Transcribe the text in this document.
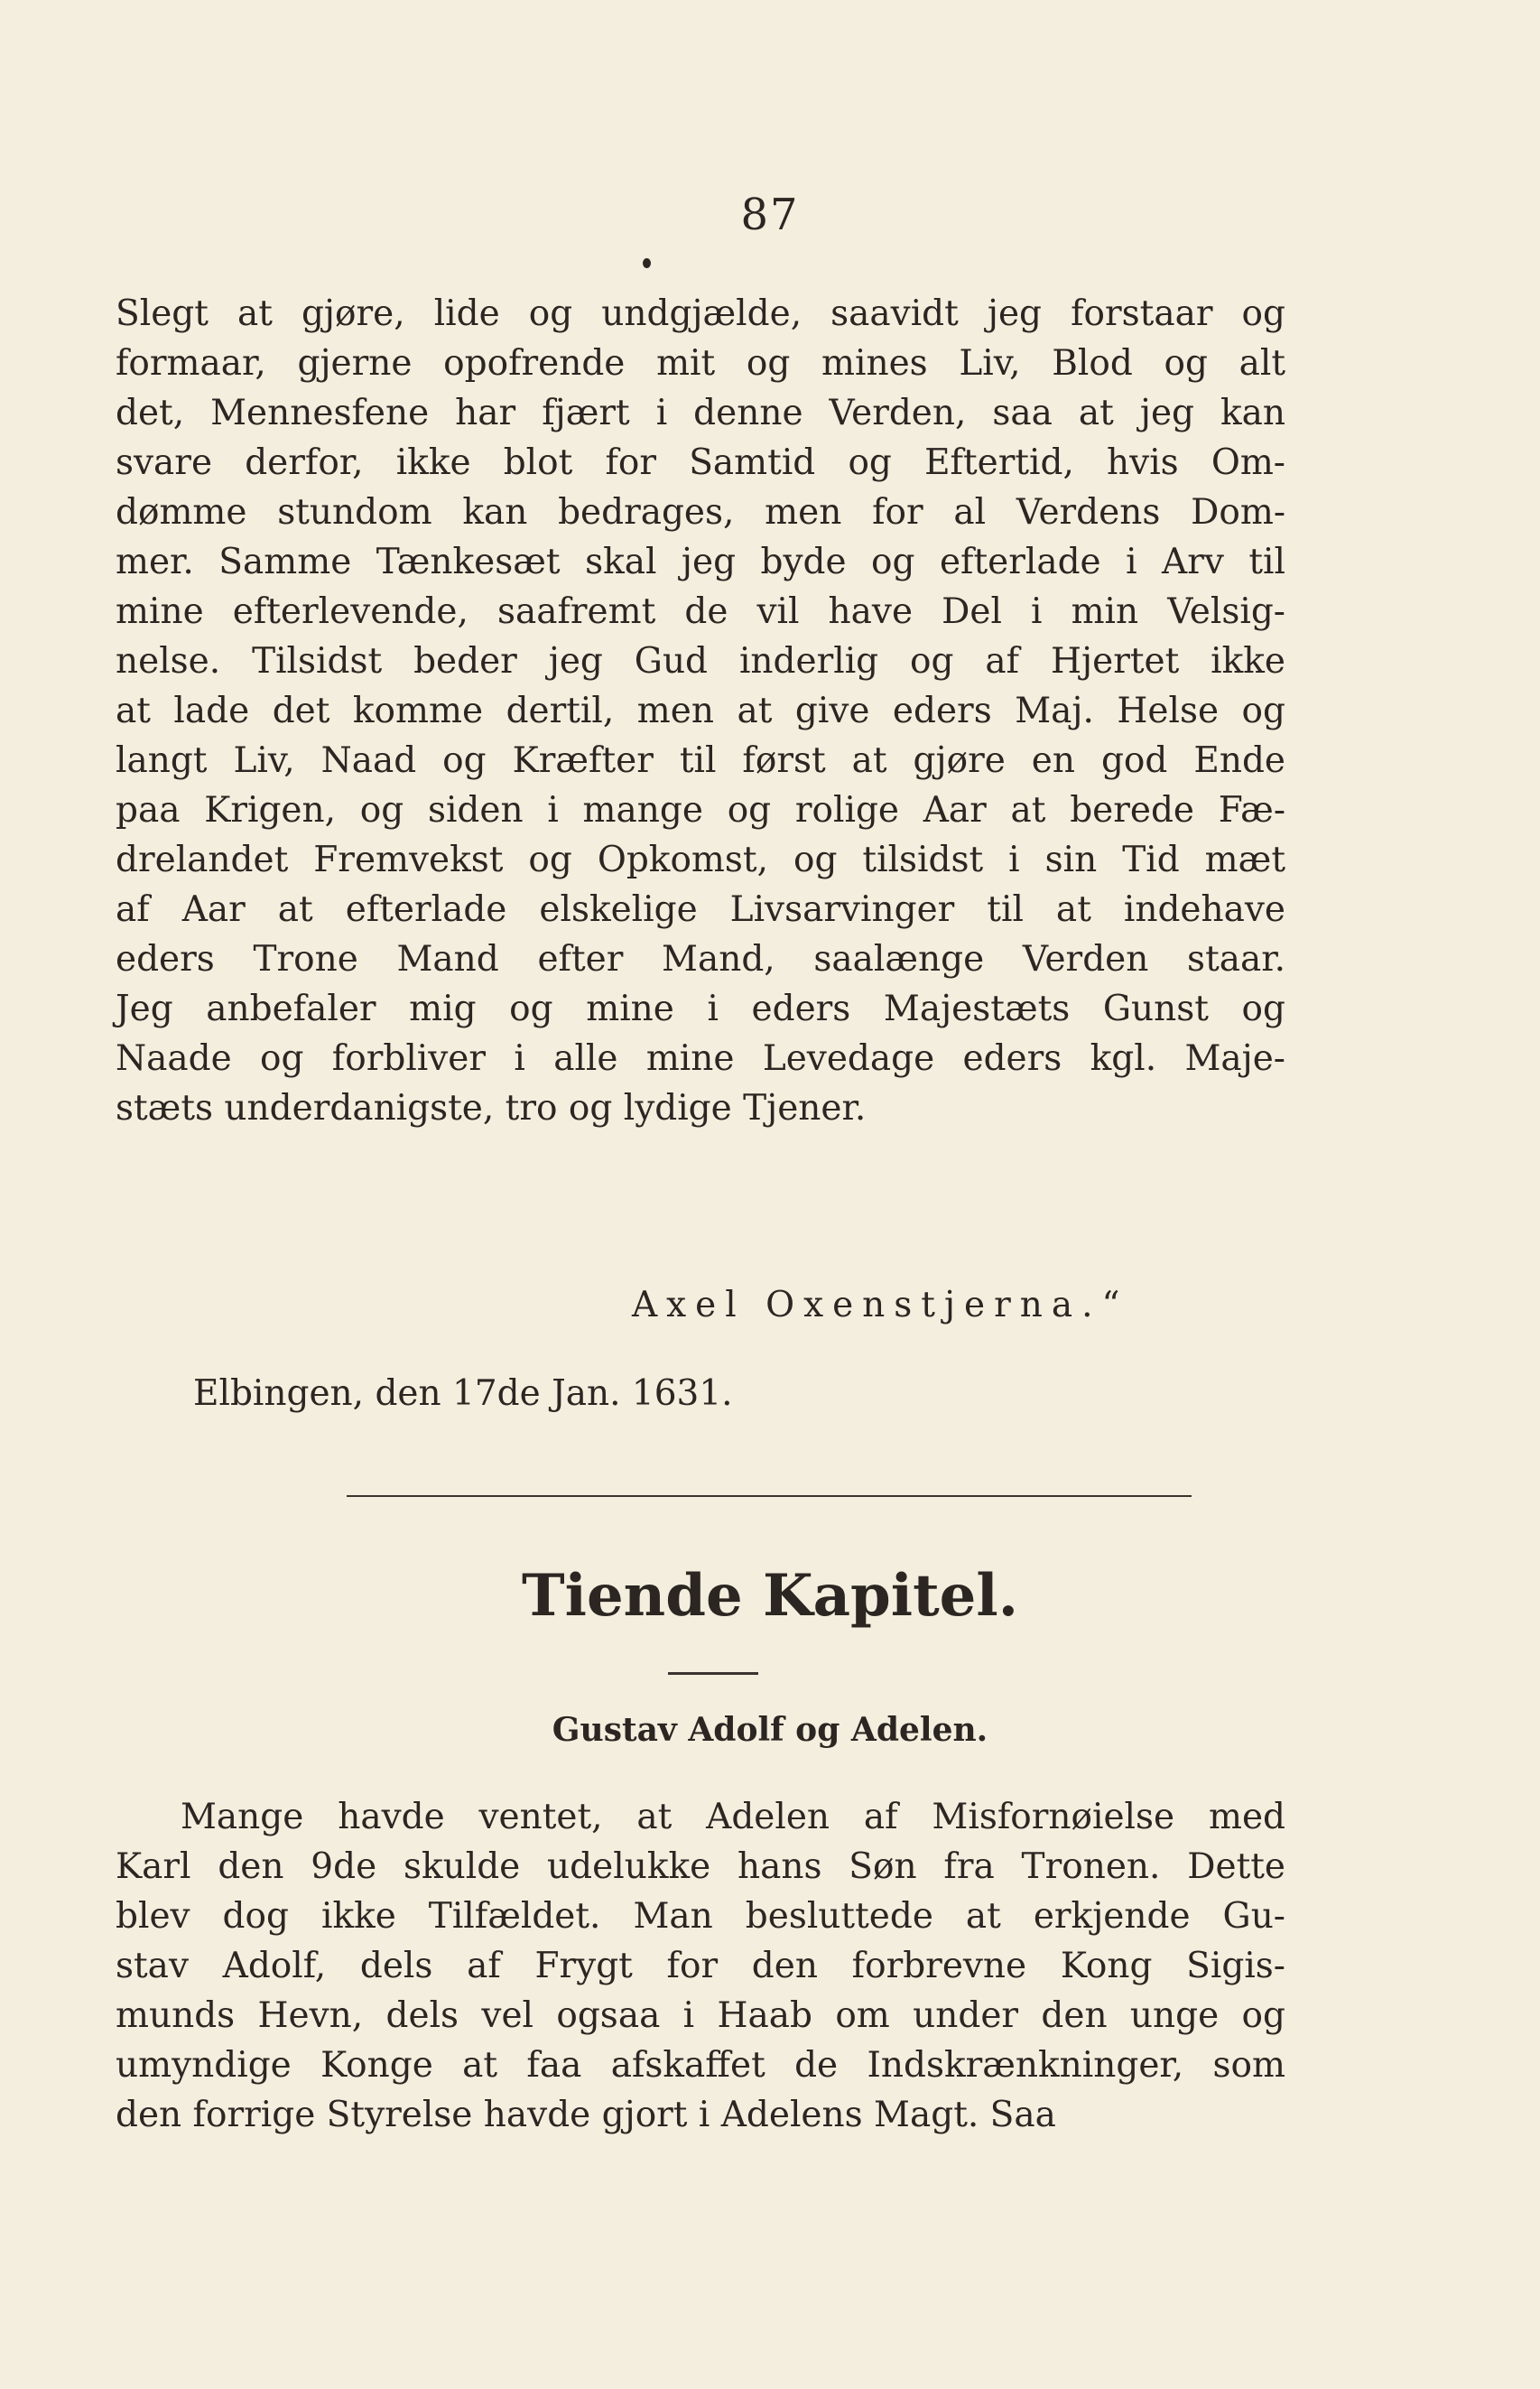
87
Slegt at gjøre, lide og undgjælde, saavidt jeg forstaar og
formaar, gjerne opofrende mit og mines Liv, Blod og alt
det, Mennesfene har fjært i denne Verden, saa at jeg kan
svare derfor, ikke blot for Samtid og Eftertid, hvis Om-
dømme stundom kan bedrages, men for al Verdens Dom-
mer. Samme Tænkesæt skal jeg byde og efterlade i Arv til
mine efterlevende, saafremt de vil have Del i min Velsig-
nelse. Tilsidst beder jeg Gud inderlig og af Hjertet ikke
at lade det komme dertil, men at give eders Maj. Helse og
langt Liv, Naad og Kræfter til først at gjøre en god Ende
paa Krigen, og siden i mange og rolige Aar at berede Fæ-
drelandet Fremvekst og Opkomst, og tilsidst i sin Tid mæt
af Aar at efterlade elskelige Livsarvinger til at indehave
eders Trone Mand efter Mand, saalænge Verden staar.
Jeg anbefaler mig og mine i eders Majestæts Gunst og
Naade og forbliver i alle mine Levedage eders kgl. Maje-
stæts underdanigste, tro og lydige Tjener.
Axel Oxenstjerna.“
Elbingen, den 17de Jan. 1631.
Tiende Kapitel.
Gustav Adolf og Adelen.
Mange havde ventet, at Adelen af Misfornøielse med
Karl den 9de skulde udelukke hans Søn fra Tronen. Dette
blev dog ikke Tilfældet. Man besluttede at erkjende Gu-
stav Adolf, dels af Frygt for den forbrevne Kong Sigis-
munds Hevn, dels vel ogsaa i Haab om under den unge og
umyndige Konge at faa afskaffet de Indskrænkninger, som
den forrige Styrelse havde gjort i Adelens Magt. Saa
